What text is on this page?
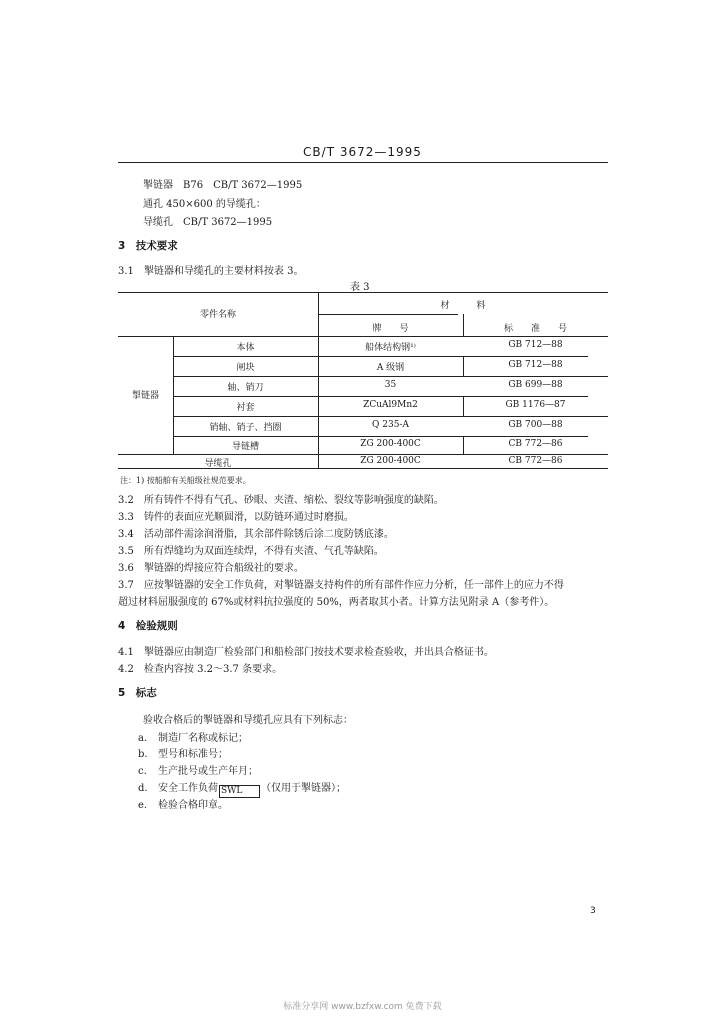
CB/T 3672—1995
掣链器　B76　CB/T 3672—1995
通孔 450×600 的导缆孔：
导缆孔　CB/T 3672—1995
3　技术要求
3.1　掣链器和导缆孔的主要材料按表 3。
表 3
零件名称
材　　　料
牌　　号	标　　准　　号
掣链器
本体	船体结构钢¹⁾	GB 712—88
闸块	A 级钢	GB 712—88
轴、销刀	35	GB 699—88
衬套	ZCuAl9Mn2	GB 1176—87
销轴、销子、挡圈	Q 235-A	GB 700—88
导链槽	ZG 200-400C	CB 772—86
导缆孔	ZG 200-400C	CB 772—86
注：1) 按船舶有关船级社规范要求。
3.2　所有铸件不得有气孔、砂眼、夹渣、缩松、裂纹等影响强度的缺陷。
3.3　铸件的表面应光顺圆滑，以防链环通过时磨损。
3.4　活动部件需涂润滑脂，其余部件除锈后涂二度防锈底漆。
3.5　所有焊缝均为双面连续焊，不得有夹渣、气孔等缺陷。
3.6　掣链器的焊接应符合船级社的要求。
3.7　应按掣链器的安全工作负荷，对掣链器支持构件的所有部件作应力分析，任一部件上的应力不得
超过材料屈服强度的 67%或材料抗拉强度的 50%，两者取其小者。计算方法见附录 A（参考件）。
4　检验规则
4.1　掣链器应由制造厂检验部门和船检部门按技术要求检查验收，并出具合格证书。
4.2　检查内容按 3.2～3.7 条要求。
5　标志
验收合格后的掣链器和导缆孔应具有下列标志：
a. 制造厂名称或标记；
b. 型号和标准号；
c. 生产批号或生产年月；
d. 安全工作负荷 SWL （仅用于掣链器）；
e. 检验合格印章。
3
标准分享网 www.bzfxw.com 免费下载
